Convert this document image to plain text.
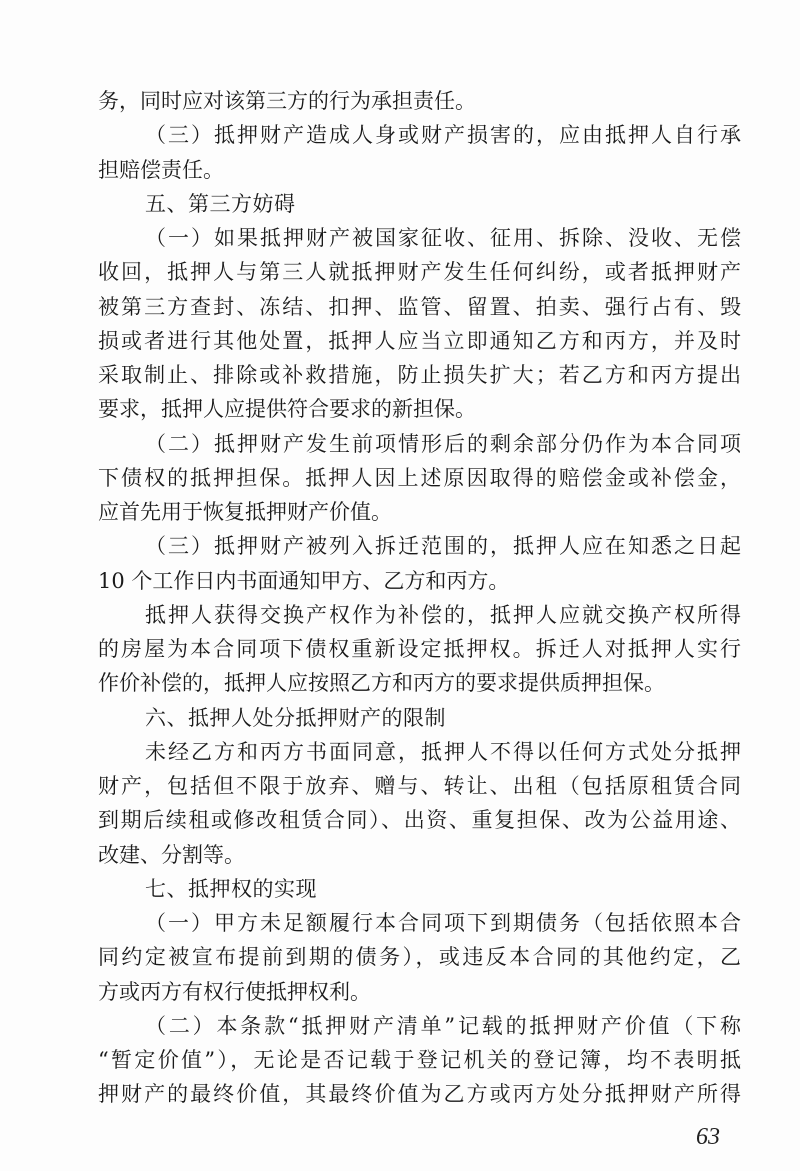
务，同时应对该第三方的行为承担责任。
（三）抵押财产造成人身或财产损害的，应由抵押人自行承
担赔偿责任。
五、第三方妨碍
（一）如果抵押财产被国家征收、征用、拆除、没收、无偿
收回，抵押人与第三人就抵押财产发生任何纠纷，或者抵押财产
被第三方查封、冻结、扣押、监管、留置、拍卖、强行占有、毁
损或者进行其他处置，抵押人应当立即通知乙方和丙方，并及时
采取制止、排除或补救措施，防止损失扩大；若乙方和丙方提出
要求，抵押人应提供符合要求的新担保。
（二）抵押财产发生前项情形后的剩余部分仍作为本合同项
下债权的抵押担保。抵押人因上述原因取得的赔偿金或补偿金，
应首先用于恢复抵押财产价值。
（三）抵押财产被列入拆迁范围的，抵押人应在知悉之日起
10 个工作日内书面通知甲方、乙方和丙方。
抵押人获得交换产权作为补偿的，抵押人应就交换产权所得
的房屋为本合同项下债权重新设定抵押权。拆迁人对抵押人实行
作价补偿的，抵押人应按照乙方和丙方的要求提供质押担保。
六、抵押人处分抵押财产的限制
未经乙方和丙方书面同意，抵押人不得以任何方式处分抵押
财产，包括但不限于放弃、赠与、转让、出租（包括原租赁合同
到期后续租或修改租赁合同）、出资、重复担保、改为公益用途、
改建、分割等。
七、抵押权的实现
（一）甲方未足额履行本合同项下到期债务（包括依照本合
同约定被宣布提前到期的债务），或违反本合同的其他约定，乙
方或丙方有权行使抵押权利。
（二）本条款“抵押财产清单”记载的抵押财产价值（下称
“暂定价值”），无论是否记载于登记机关的登记簿，均不表明抵
押财产的最终价值，其最终价值为乙方或丙方处分抵押财产所得
63
